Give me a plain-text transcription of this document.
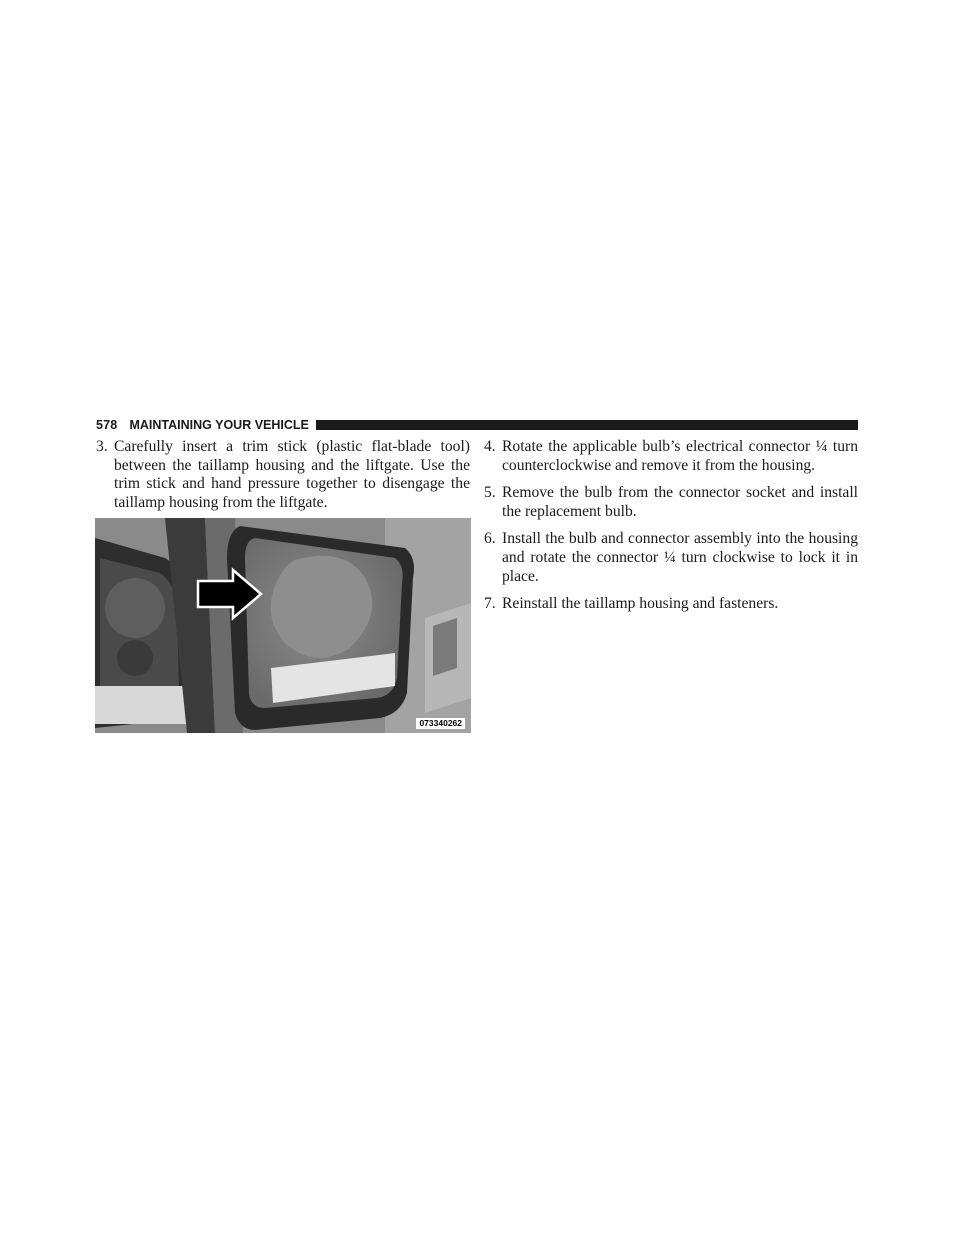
578 MAINTAINING YOUR VEHICLE
3. Carefully insert a trim stick (plastic flat-blade tool) between the taillamp housing and the liftgate. Use the trim stick and hand pressure together to disengage the taillamp housing from the liftgate.
073340262
4. Rotate the applicable bulb’s electrical connector ¼ turn counterclockwise and remove it from the housing.
5. Remove the bulb from the connector socket and install the replacement bulb.
6. Install the bulb and connector assembly into the housing and rotate the connector ¼ turn clockwise to lock it in place.
7. Reinstall the taillamp housing and fasteners.
